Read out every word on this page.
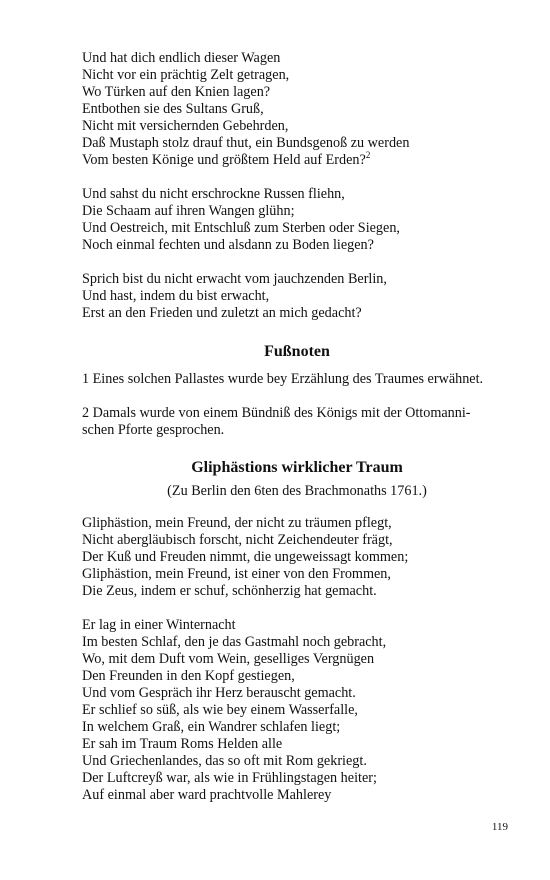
Und hat dich endlich dieser Wagen
Nicht vor ein prächtig Zelt getragen,
Wo Türken auf den Knien lagen?
Entbothen sie des Sultans Gruß,
Nicht mit versichernden Gebehrden,
Daß Mustaph stolz drauf thut, ein Bundsgenoß zu werden
Vom besten Könige und größtem Held auf Erden?$^2$
Und sahst du nicht erschrockne Russen fliehn,
Die Schaam auf ihren Wangen glühn;
Und Oestreich, mit Entschluß zum Sterben oder Siegen,
Noch einmal fechten und alsdann zu Boden liegen?
Sprich bist du nicht erwacht vom jauchzenden Berlin,
Und hast, indem du bist erwacht,
Erst an den Frieden und zuletzt an mich gedacht?
Fußnoten
1 Eines solchen Pallastes wurde bey Erzählung des Traumes erwähnet.
2 Damals wurde von einem Bündniß des Königs mit der Ottomanni-
schen Pforte gesprochen.
Gliphästions wirklicher Traum
(Zu Berlin den 6ten des Brachmonaths 1761.)
Gliphästion, mein Freund, der nicht zu träumen pflegt,
Nicht abergläubisch forscht, nicht Zeichendeuter frägt,
Der Kuß und Freuden nimmt, die ungeweissagt kommen;
Gliphästion, mein Freund, ist einer von den Frommen,
Die Zeus, indem er schuf, schönherzig hat gemacht.
Er lag in einer Winternacht
Im besten Schlaf, den je das Gastmahl noch gebracht,
Wo, mit dem Duft vom Wein, geselliges Vergnügen
Den Freunden in den Kopf gestiegen,
Und vom Gespräch ihr Herz berauscht gemacht.
Er schlief so süß, als wie bey einem Wasserfalle,
In welchem Graß, ein Wandrer schlafen liegt;
Er sah im Traum Roms Helden alle
Und Griechenlandes, das so oft mit Rom gekriegt.
Der Luftcreyß war, als wie in Frühlingstagen heiter;
Auf einmal aber ward prachtvolle Mahlerey
119
